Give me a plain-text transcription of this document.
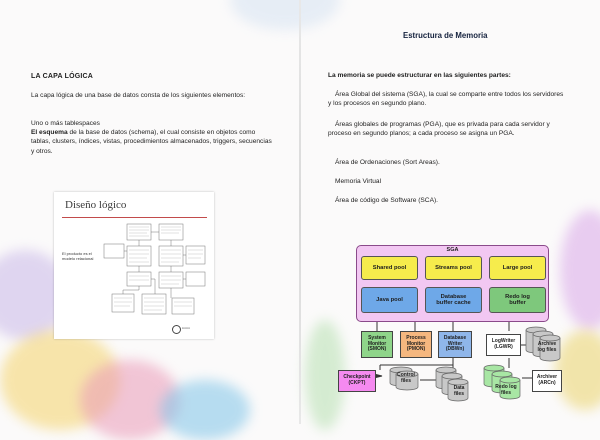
LA CAPA LÓGICA
La capa lógica de una base de datos consta de los siguientes elementos:
Uno o más tablespaces
El esquema de la base de datos (schema), el cual consiste en objetos como tablas, clusters, índices, vistas, procedimientos almacenados, triggers, secuencias y otros.
Diseño lógico
El producto es el modelo relacional
▪▪▪▪▪▪▪
Estructura de Memoria
La memoria se puede estructurar en las siguientes partes:
Área Global del sistema (SGA), la cual se comparte entre todos los servidores y los procesos en segundo plano.
Áreas globales de programas (PGA), que es privada para cada servidor y proceso en segundo planos; a cada proceso se asigna un PGA.
Área de Ordenaciones (Sort Areas).
Memoria Virtual
Área de código de Software (SCA).
SGA
Shared pool	Streams pool	Large pool
Java pool
Database
buffer cache
Redo log
buffer
System
Monitor
(SMON)
Process
Monitor
(PMON)
Database
Writer
(DBWn)
LogWriter
(LGWR)
Checkpoint
(CKPT)
Archiver
(ARCn)
Archive
log files
Control
files
Data
files
Redo log
files
